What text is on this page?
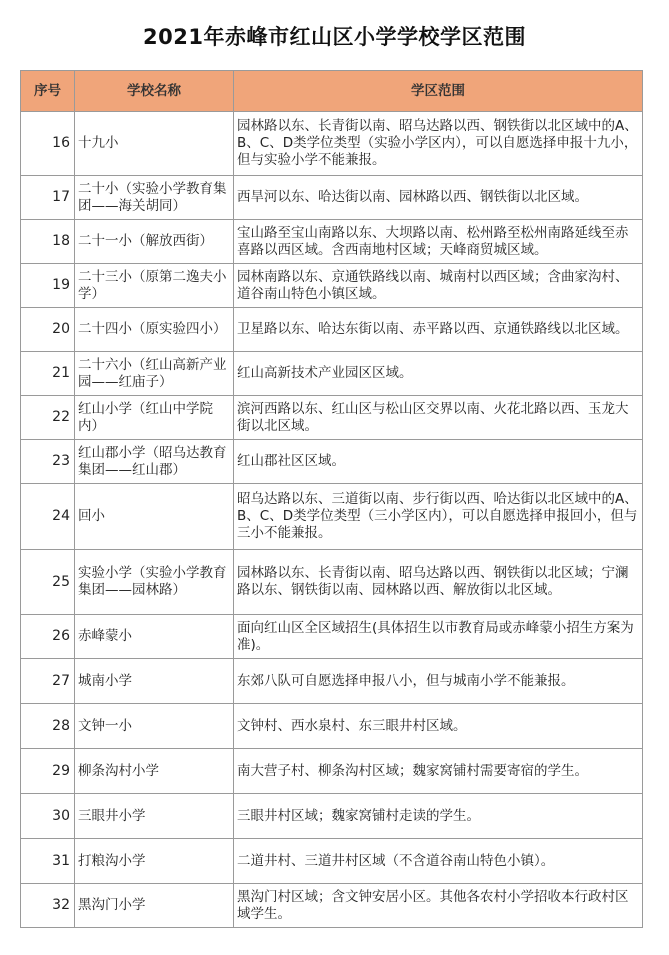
2021年赤峰市红山区小学学校学区范围
序号	学校名称	学区范围
16	十九小	园林路以东、长青街以南、昭乌达路以西、钢铁街以北区域中的A、B、C、D类学位类型（实验小学区内），可以自愿选择申报十九小，但与实验小学不能兼报。
17	二十小（实验小学教育集团——海关胡同）	西旱河以东、哈达街以南、园林路以西、钢铁街以北区域。
18	二十一小（解放西街）	宝山路至宝山南路以东、大坝路以南、松州路至松州南路延线至赤喜路以西区域。含西南地村区域；天峰商贸城区域。
19	二十三小（原第二逸夫小学）	园林南路以东、京通铁路线以南、城南村以西区域；含曲家沟村、道谷南山特色小镇区域。
20	二十四小（原实验四小）	卫星路以东、哈达东街以南、赤平路以西、京通铁路线以北区域。
21	二十六小（红山高新产业园——红庙子）	红山高新技术产业园区区域。
22	红山小学（红山中学院内）	滨河西路以东、红山区与松山区交界以南、火花北路以西、玉龙大街以北区域。
23	红山郡小学（昭乌达教育集团——红山郡）	红山郡社区区域。
24	回小	昭乌达路以东、三道街以南、步行街以西、哈达街以北区域中的A、B、C、D类学位类型（三小学区内），可以自愿选择申报回小，但与三小不能兼报。
25	实验小学（实验小学教育集团——园林路）	园林路以东、长青街以南、昭乌达路以西、钢铁街以北区域；宁澜路以东、钢铁街以南、园林路以西、解放街以北区域。
26	赤峰蒙小	面向红山区全区域招生(具体招生以市教育局或赤峰蒙小招生方案为准)。
27	城南小学	东郊八队可自愿选择申报八小，但与城南小学不能兼报。
28	文钟一小	文钟村、西水泉村、东三眼井村区域。
29	柳条沟村小学	南大营子村、柳条沟村区域；魏家窝铺村需要寄宿的学生。
30	三眼井小学	三眼井村区域；魏家窝铺村走读的学生。
31	打粮沟小学	二道井村、三道井村区域（不含道谷南山特色小镇）。
32	黑沟门小学	黑沟门村区域；含文钟安居小区。其他各农村小学招收本行政村区域学生。
